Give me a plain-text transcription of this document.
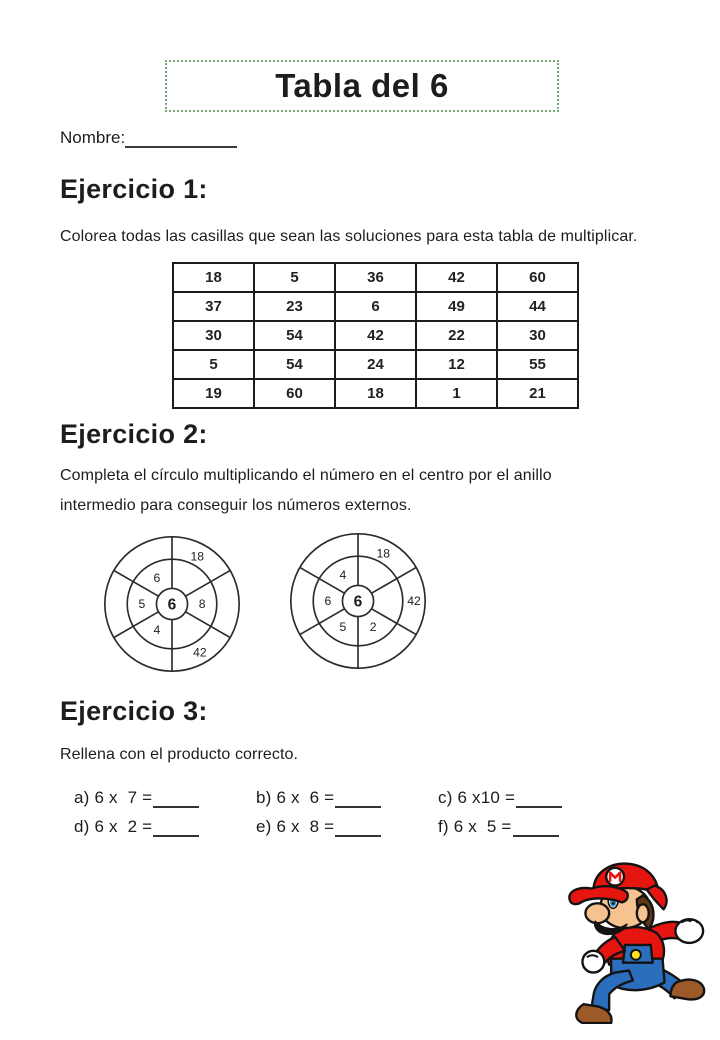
Tabla del 6
Nombre:
Ejercicio 1:
Colorea todas las casillas que sean las soluciones para esta tabla de multiplicar.
18	5	36	42	60
37	23	6	49	44
30	54	42	22	30
5	54	24	12	55
19	60	18	1	21
Ejercicio 2:
Completa el círculo multiplicando el número en el centro por el anillo
intermedio para conseguir los números externos.
6
6
5	8
4
18
42
6
4
6
5 2
18
42
Ejercicio 3:
Rellena con el producto correcto.
a) 6 x  7 =	b) 6 x  6 =	c) 6 x10 =
d) 6 x  2 =	e) 6 x  8 =	f) 6 x  5 =
